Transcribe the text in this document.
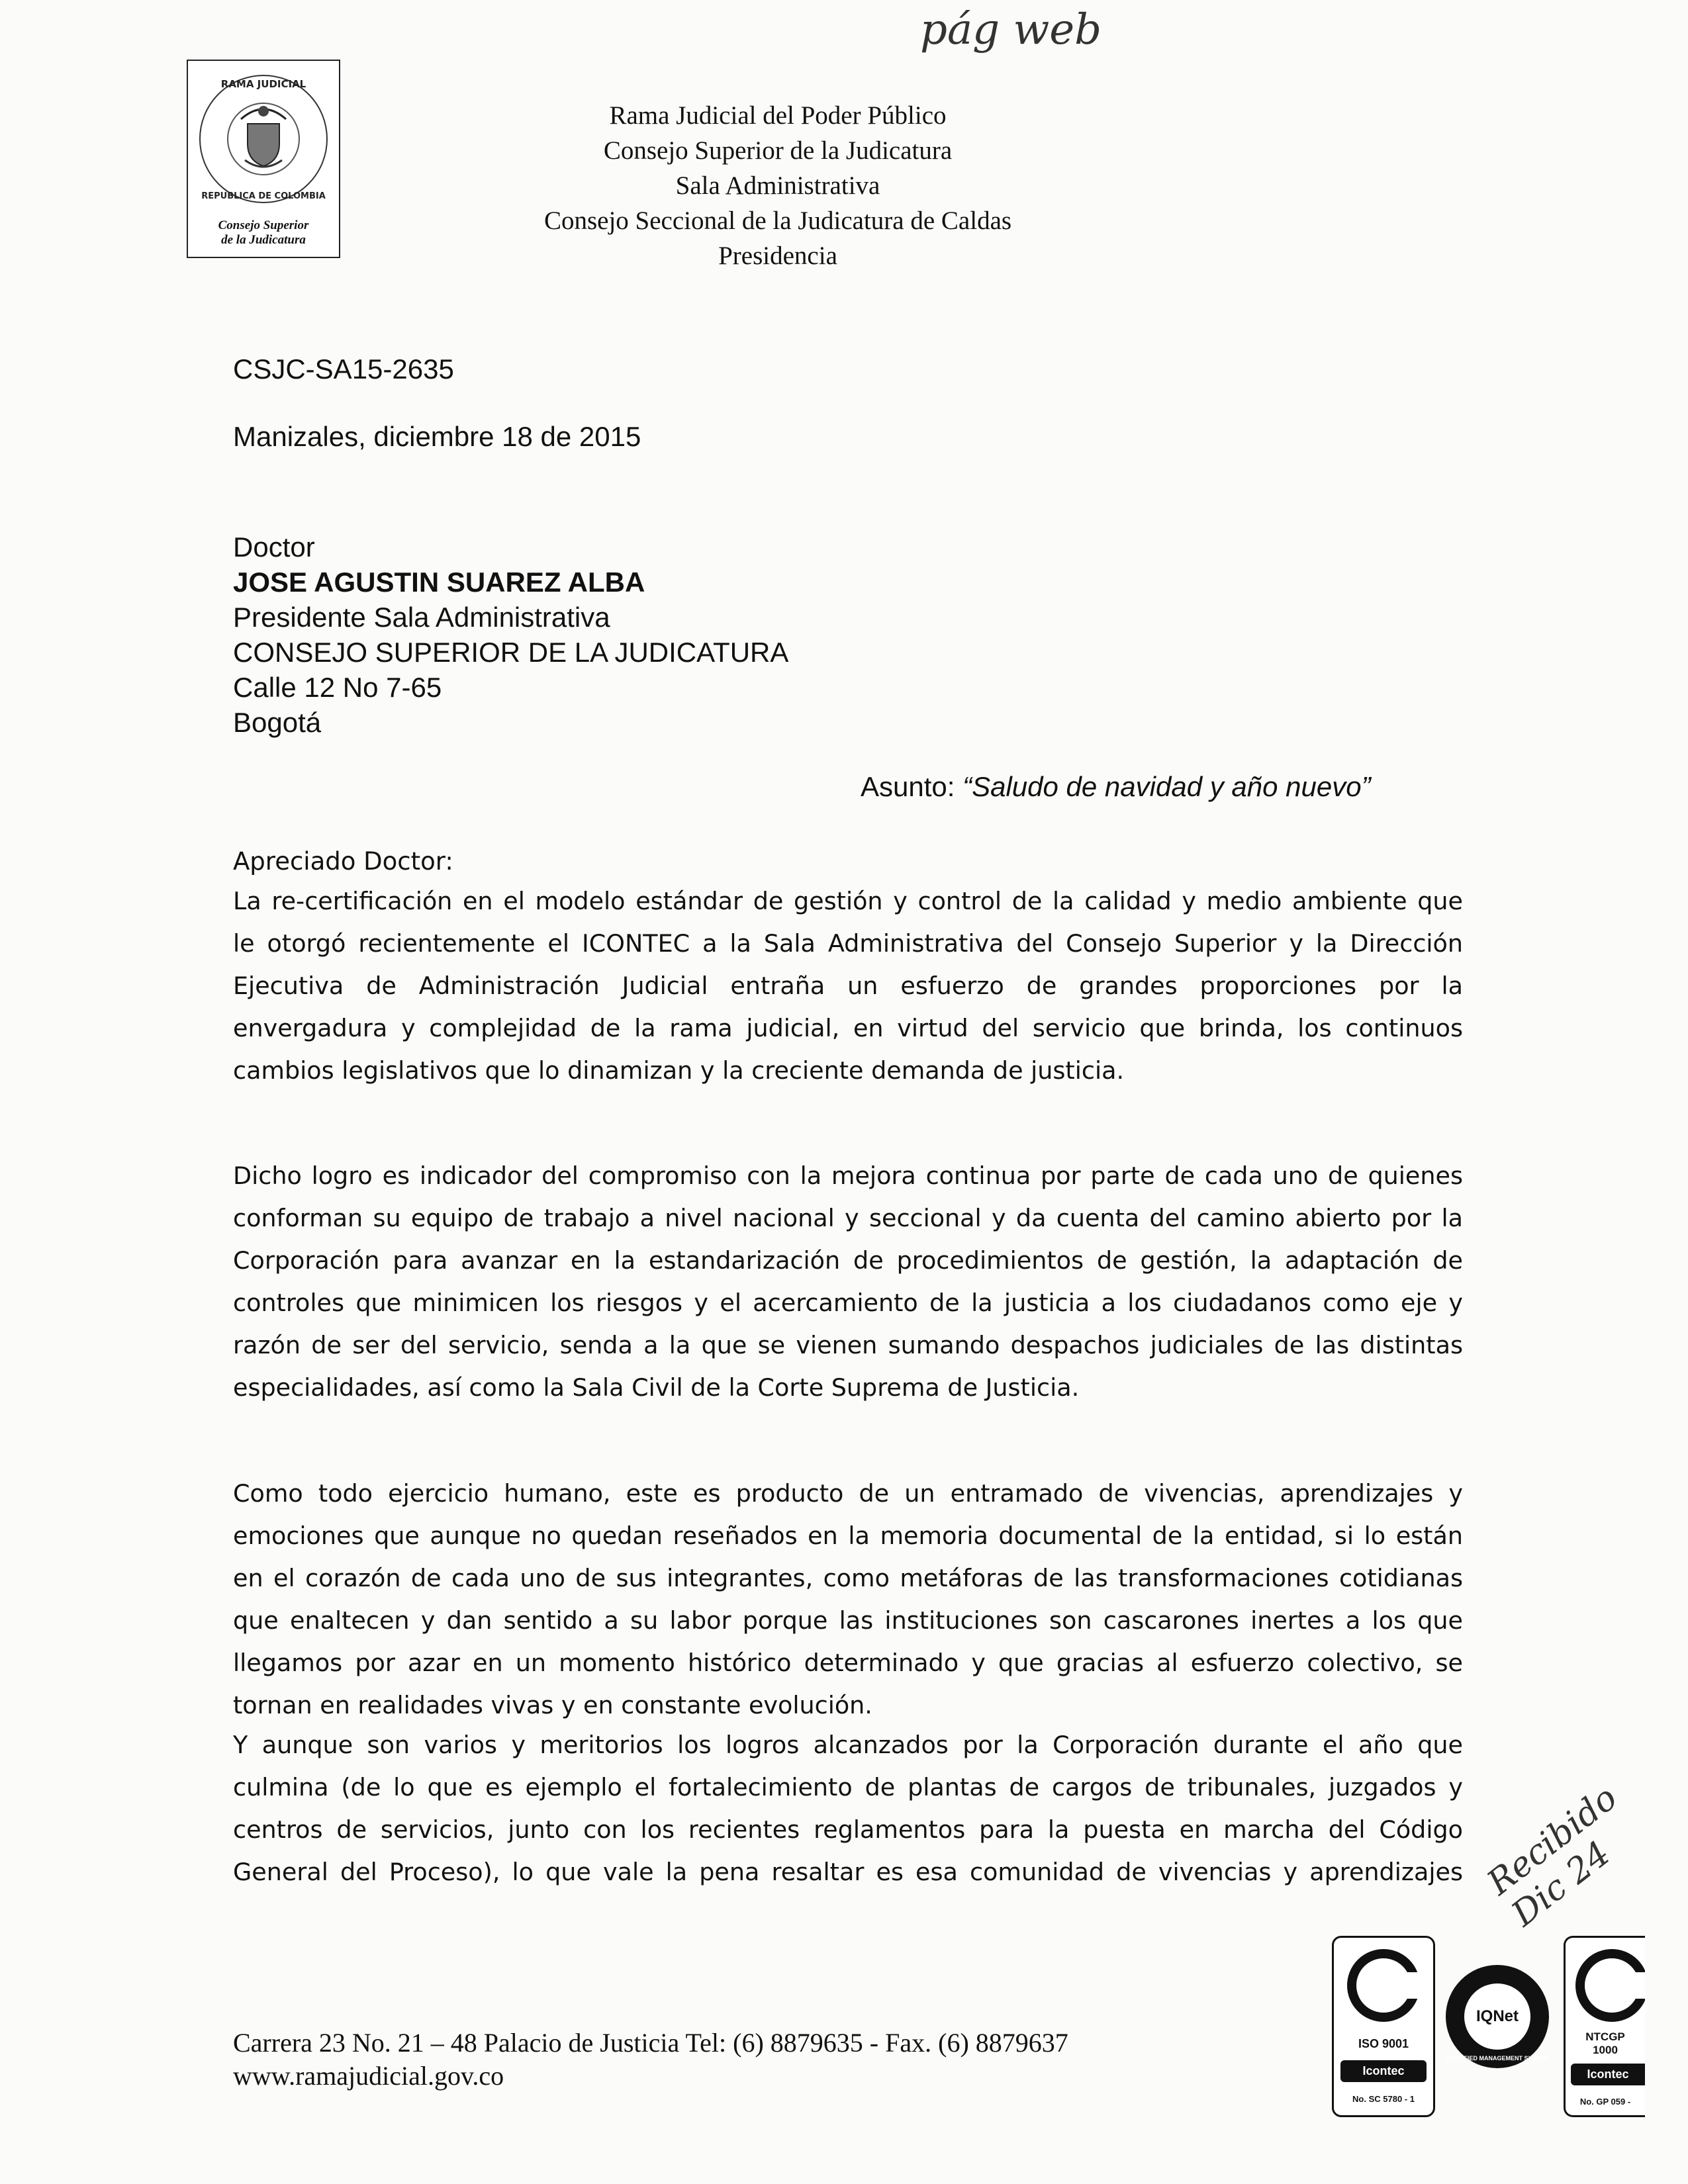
pág web
Recibido Dic 24
RAMA JUDICIAL
REPUBLICA DE COLOMBIA
Consejo Superior
de la Judicatura
Rama Judicial del Poder Público
Consejo Superior de la Judicatura
Sala Administrativa
Consejo Seccional de la Judicatura de Caldas
Presidencia
CSJC-SA15-2635
Manizales, diciembre 18 de 2015
Doctor
JOSE AGUSTIN SUAREZ ALBA
Presidente Sala Administrativa
CONSEJO SUPERIOR DE LA JUDICATURA
Calle 12 No 7-65
Bogotá
Asunto: “Saludo de navidad y año nuevo”
Apreciado Doctor:
La re-certificación en el modelo estándar de gestión y control de la calidad y medio ambiente que
le otorgó recientemente el ICONTEC a la Sala Administrativa del Consejo Superior y la Dirección
Ejecutiva de Administración Judicial entraña un esfuerzo de grandes proporciones por la
envergadura y complejidad de la rama judicial, en virtud del servicio que brinda, los continuos
cambios legislativos que lo dinamizan y la creciente demanda de justicia.
Dicho logro es indicador del compromiso con la mejora continua por parte de cada uno de quienes
conforman su equipo de trabajo a nivel nacional y seccional y da cuenta del camino abierto por la
Corporación para avanzar en la estandarización de procedimientos de gestión, la adaptación de
controles que minimicen los riesgos y el acercamiento de la justicia a los ciudadanos como eje y
razón de ser del servicio, senda a la que se vienen sumando despachos judiciales de las distintas
especialidades, así como la Sala Civil de la Corte Suprema de Justicia.
Como todo ejercicio humano, este es producto de un entramado de vivencias, aprendizajes y
emociones que aunque no quedan reseñados en la memoria documental de la entidad, si lo están
en el corazón de cada uno de sus integrantes, como metáforas de las transformaciones cotidianas
que enaltecen y dan sentido a su labor porque las instituciones son cascarones inertes a los que
llegamos por azar en un momento histórico determinado y que gracias al esfuerzo colectivo, se
tornan en realidades vivas y en constante evolución.
Y aunque son varios y meritorios los logros alcanzados por la Corporación durante el año que
culmina (de lo que es ejemplo el fortalecimiento de plantas de cargos de tribunales, juzgados y
centros de servicios, junto con los recientes reglamentos para la puesta en marcha del Código
General del Proceso), lo que vale la pena resaltar es esa comunidad de vivencias y aprendizajes
Carrera 23 No. 21 – 48 Palacio de Justicia Tel: (6) 8879635 - Fax. (6) 8879637
www.ramajudicial.gov.co
ISO 9001
Icontec
No. SC 5780 - 1
IQNet
CERTIFIED MANAGEMENT SYSTEM
NTCGP
1000
Icontec
No. GP 059 -
